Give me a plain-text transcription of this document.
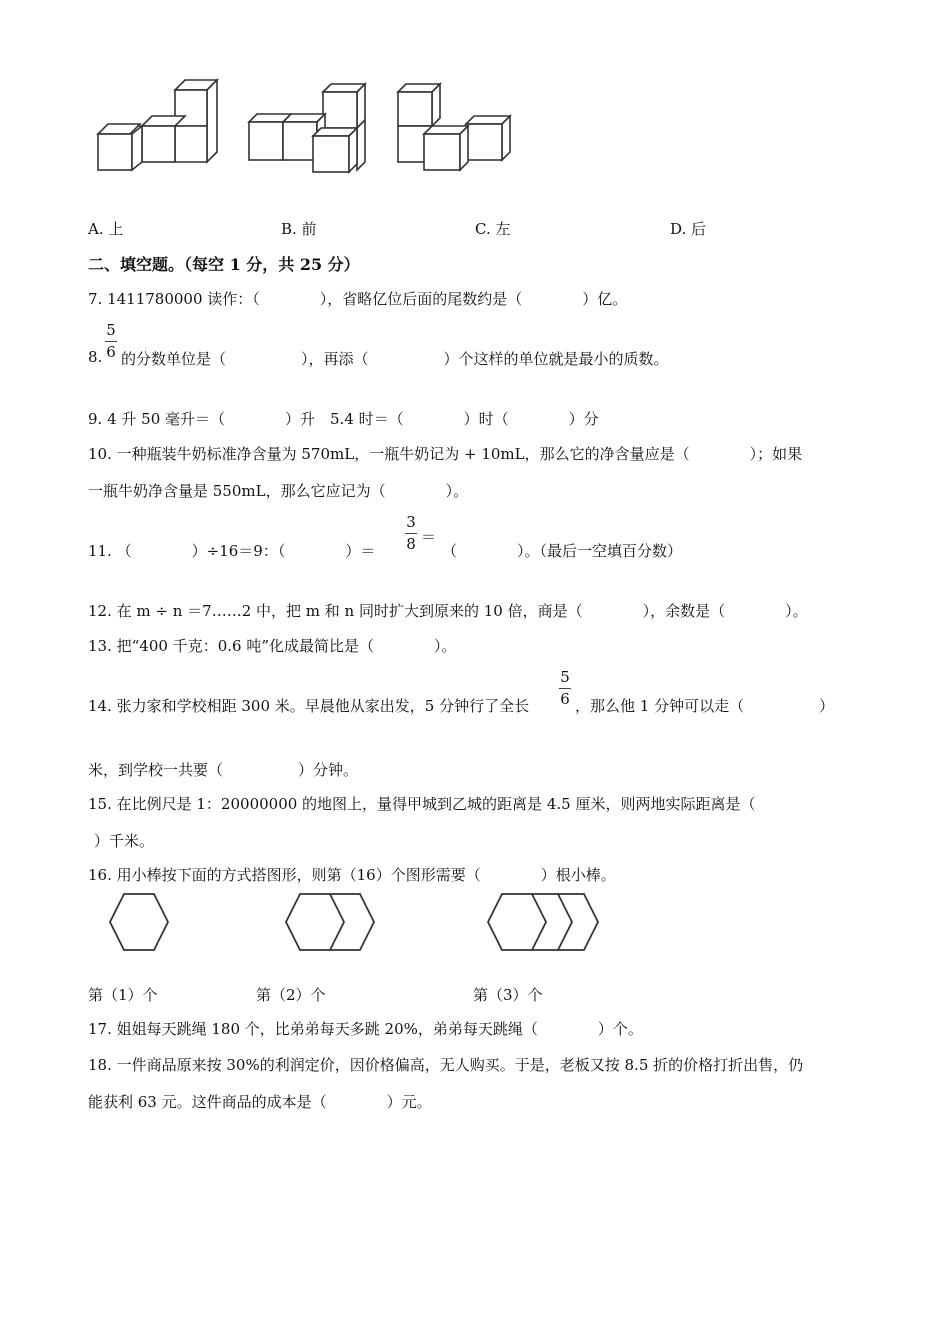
A. 上	B. 前	C. 左	D. 后
二、填空题。（每空 1 分，共 25 分）
7. 1411780000 读作：（　　　　），省略亿位后面的尾数约是（　　　　）亿。
8.
5
6 的分数单位是（　　　　　），再添（　　　　　）个这样的单位就是最小的质数。
9. 4 升 50 毫升＝（　　　　）升　5.4 时＝（　　　　）时（　　　　）分
10. 一种瓶装牛奶标准净含量为 570mL，一瓶牛奶记为 + 10mL，那么它的净含量应是（　　　　）；如果
一瓶牛奶净含量是 550mL，那么它应记为（　　　　）。
11. （　　　　）÷16＝9：（　　　　）＝
3
8 ＝
（　　　　）。（最后一空填百分数）
12. 在 m ÷ n ＝7……2 中，把 m 和 n 同时扩大到原来的 10 倍，商是（　　　　），余数是（　　　　）。
13. 把“400 千克：0.6 吨”化成最简比是（　　　　）。
14. 张力家和学校相距 300 米。早晨他从家出发，5 分钟行了全长
5
6 ，那么他 1 分钟可以走（　　　　　）
米，到学校一共要（　　　　　）分钟。
15. 在比例尺是 1：20000000 的地图上，量得甲城到乙城的距离是 4.5 厘米，则两地实际距离是（
）千米。
16. 用小棒按下面的方式搭图形，则第（16）个图形需要（　　　　）根小棒。
第（1）个	第（2）个	第（3）个
17. 姐姐每天跳绳 180 个，比弟弟每天多跳 20%，弟弟每天跳绳（　　　　）个。
18. 一件商品原来按 30%的利润定价，因价格偏高，无人购买。于是，老板又按 8.5 折的价格打折出售，仍
能获利 63 元。这件商品的成本是（　　　　）元。
